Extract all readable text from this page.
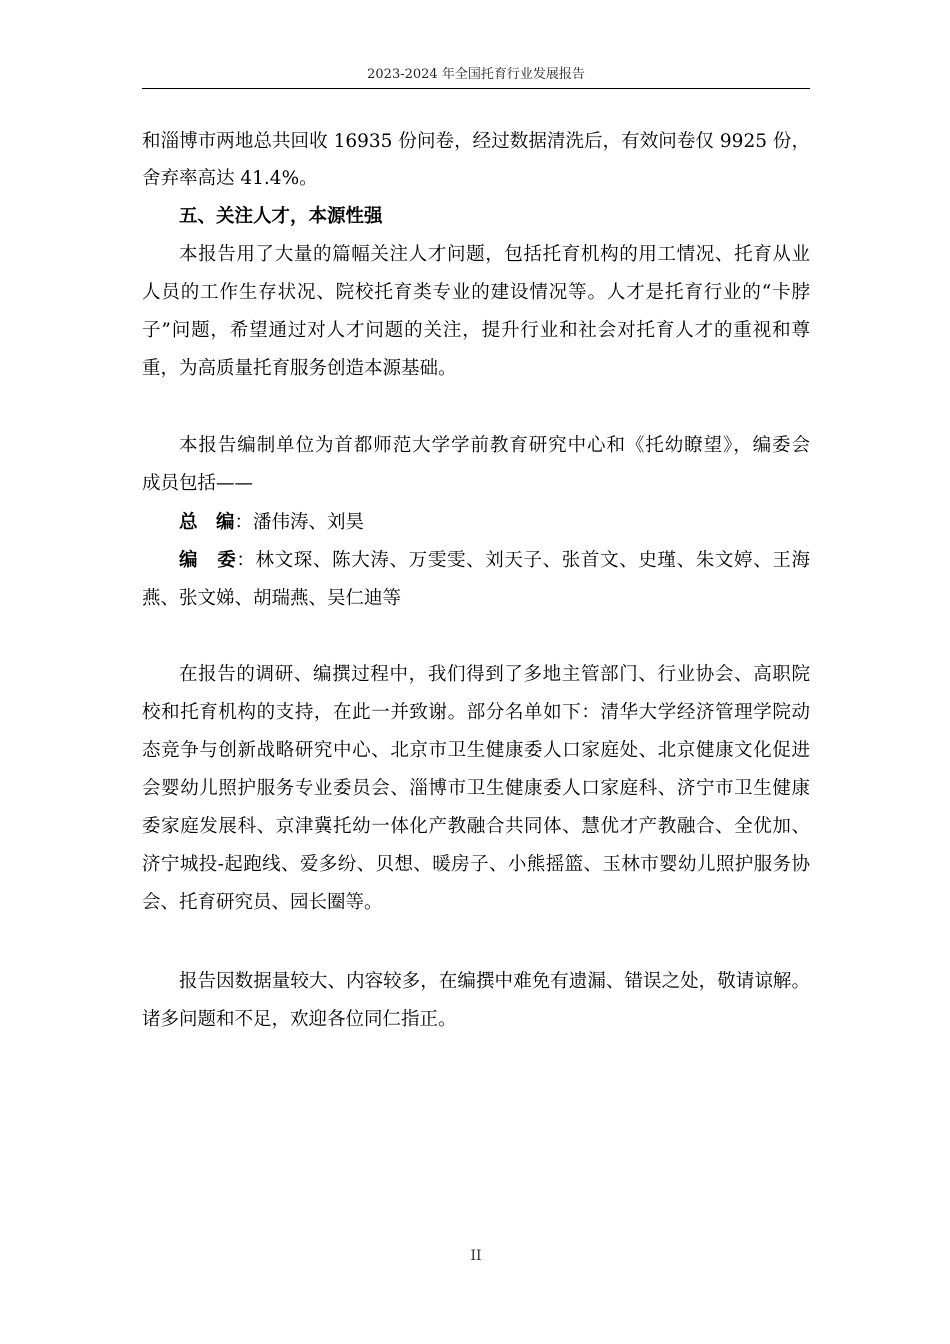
2023-2024 年全国托育行业发展报告
和淄博市两地总共回收 16935 份问卷，经过数据清洗后，有效问卷仅 9925 份，
舍弃率高达 41.4%。
五、关注人才，本源性强
本报告用了大量的篇幅关注人才问题，包括托育机构的用工情况、托育从业
人员的工作生存状况、院校托育类专业的建设情况等。人才是托育行业的“卡脖
子”问题，希望通过对人才问题的关注，提升行业和社会对托育人才的重视和尊
重，为高质量托育服务创造本源基础。
本报告编制单位为首都师范大学学前教育研究中心和《托幼瞭望》，编委会
成员包括——
总　编：潘伟涛、刘昊
编　委：林文琛、陈大涛、万雯雯、刘天子、张首文、史瑾、朱文婷、王海
燕、张文娣、胡瑞燕、吴仁迪等
在报告的调研、编撰过程中，我们得到了多地主管部门、行业协会、高职院
校和托育机构的支持，在此一并致谢。部分名单如下：清华大学经济管理学院动
态竞争与创新战略研究中心、北京市卫生健康委人口家庭处、北京健康文化促进
会婴幼儿照护服务专业委员会、淄博市卫生健康委人口家庭科、济宁市卫生健康
委家庭发展科、京津冀托幼一体化产教融合共同体、慧优才产教融合、全优加、
济宁城投-起跑线、爱多纷、贝想、暖房子、小熊摇篮、玉林市婴幼儿照护服务协
会、托育研究员、园长圈等。
报告因数据量较大、内容较多，在编撰中难免有遗漏、错误之处，敬请谅解。
诸多问题和不足，欢迎各位同仁指正。
II
